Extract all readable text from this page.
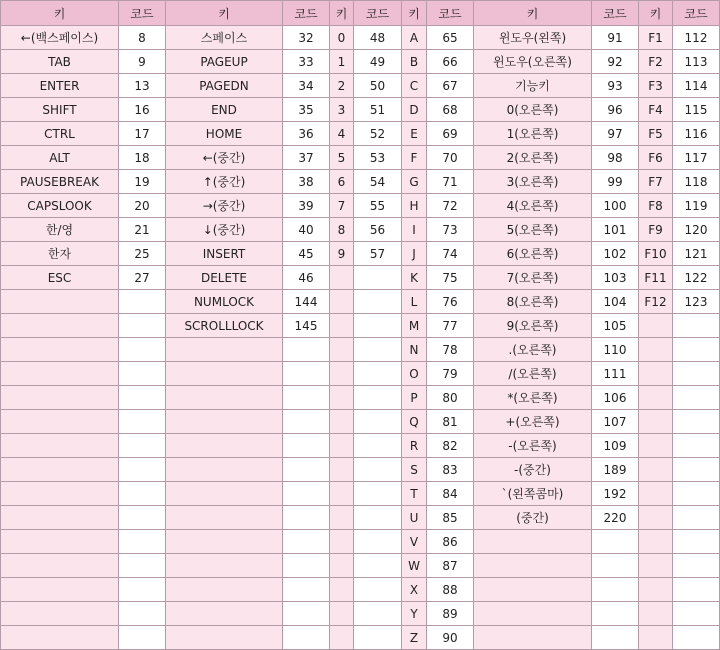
키	코드	키	코드	키	코드	키	코드	키	코드	키	코드
←(백스페이스)	8	스페이스	32	0	48	A	65	윈도우(왼쪽)	91	F1	112
TAB	9	PAGEUP	33	1	49	B	66	윈도우(오른쪽)	92	F2	113
ENTER	13	PAGEDN	34	2	50	C	67	기능키	93	F3	114
SHIFT	16	END	35	3	51	D	68	0(오른쪽)	96	F4	115
CTRL	17	HOME	36	4	52	E	69	1(오른쪽)	97	F5	116
ALT	18	←(중간)	37	5	53	F	70	2(오른쪽)	98	F6	117
PAUSEBREAK	19	↑(중간)	38	6	54	G	71	3(오른쪽)	99	F7	118
CAPSLOOK	20	→(중간)	39	7	55	H	72	4(오른쪽)	100	F8	119
한/영	21	↓(중간)	40	8	56	I	73	5(오른쪽)	101	F9	120
한자	25	INSERT	45	9	57	J	74	6(오른쪽)	102	F10	121
ESC	27	DELETE	46			K	75	7(오른쪽)	103	F11	122
		NUMLOCK	144			L	76	8(오른쪽)	104	F12	123
		SCROLLLOCK	145			M	77	9(오른쪽)	105		
						N	78	.(오른쪽)	110		
						O	79	/(오른쪽)	111		
						P	80	*(오른쪽)	106		
						Q	81	+(오른쪽)	107		
						R	82	-(오른쪽)	109		
						S	83	-(중간)	189		
						T	84	`(왼쪽콤마)	192		
						U	85	(중간)	220		
						V	86				
						W	87				
						X	88				
						Y	89				
						Z	90				
